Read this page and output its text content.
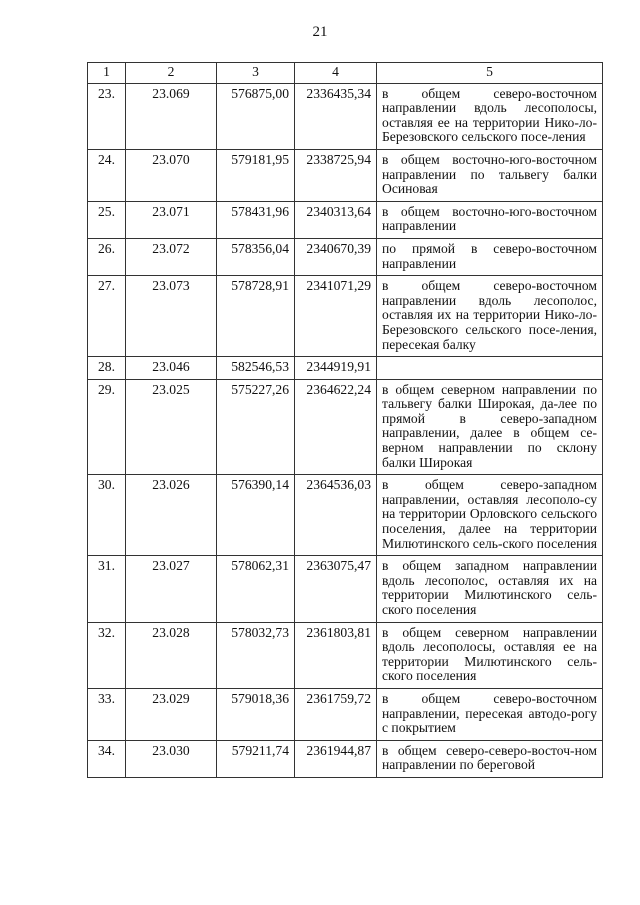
21
1	2	3	4	5
23.	23.069	576875,00	2336435,34	в общем северо-восточном направлении вдоль лесополосы, оставляя ее на территории Нико-ло-Березовского сельского посе-ления
24.	23.070	579181,95	2338725,94	в общем восточно-юго-восточном направлении по тальвегу балки Осиновая
25.	23.071	578431,96	2340313,64	в общем восточно-юго-восточном направлении
26.	23.072	578356,04	2340670,39	по прямой в северо-восточном направлении
27.	23.073	578728,91	2341071,29	в общем северо-восточном направлении вдоль лесополос, оставляя их на территории Нико-ло-Березовского сельского посе-ления, пересекая балку
28.	23.046	582546,53	2344919,91	
29.	23.025	575227,26	2364622,24	в общем северном направлении по тальвегу балки Широкая, да-лее по прямой в северо-западном направлении, далее в общем се-верном направлении по склону балки Широкая
30.	23.026	576390,14	2364536,03	в общем северо-западном направлении, оставляя лесополо-су на территории Орловского сельского поселения, далее на территории Милютинского сель-ского поселения
31.	23.027	578062,31	2363075,47	в общем западном направлении вдоль лесополос, оставляя их на территории Милютинского сель-ского поселения
32.	23.028	578032,73	2361803,81	в общем северном направлении вдоль лесополосы, оставляя ее на территории Милютинского сель-ского поселения
33.	23.029	579018,36	2361759,72	в общем северо-восточном направлении, пересекая автодо-рогу с покрытием
34.	23.030	579211,74	2361944,87	в общем северо-северо-восточ-ном направлении по береговой
